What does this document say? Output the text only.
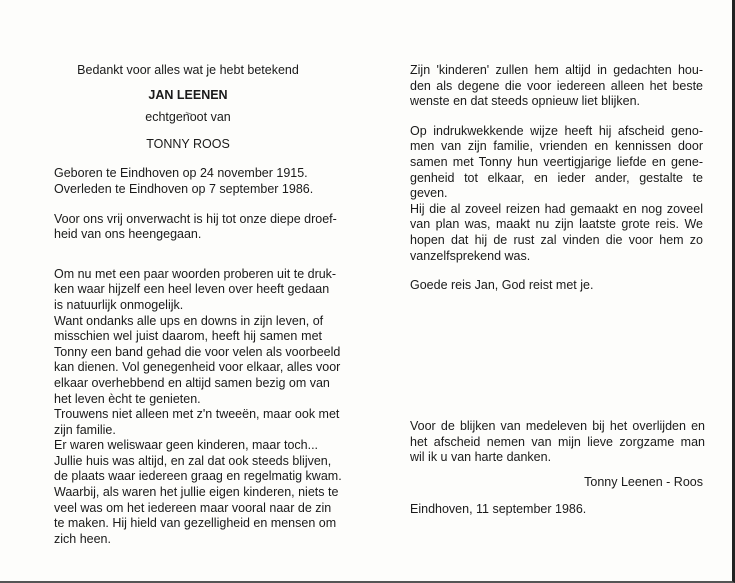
Bedankt voor alles wat je hebt betekend
JAN LEENEN
echtgenoot van
TONNY ROOS
Geboren te Eindhoven op 24 november 1915.
Overleden te Eindhoven op 7 september 1986.
Voor ons vrij onverwacht is hij tot onze diepe droef-
heid van ons heengegaan.
Om nu met een paar woorden proberen uit te druk-
ken waar hijzelf een heel leven over heeft gedaan
is natuurlijk onmogelijk.
Want ondanks alle ups en downs in zijn leven, of
misschien wel juist daarom, heeft hij samen met
Tonny een band gehad die voor velen als voorbeeld
kan dienen. Vol genegenheid voor elkaar, alles voor
elkaar overhebbend en altijd samen bezig om van
het leven ècht te genieten.
Trouwens niet alleen met z'n tweeën, maar ook met
zijn familie.
Er waren weliswaar geen kinderen, maar toch...
Jullie huis was altijd, en zal dat ook steeds blijven,
de plaats waar iedereen graag en regelmatig kwam.
Waarbij, als waren het jullie eigen kinderen, niets te
veel was om het iedereen maar vooral naar de zin
te maken. Hij hield van gezelligheid en mensen om
zich heen.
Zijn 'kinderen' zullen hem altijd in gedachten hou-
den als degene die voor iedereen alleen het beste
wenste en dat steeds opnieuw liet blijken.
Op indrukwekkende wijze heeft hij afscheid geno-
men van zijn familie, vrienden en kennissen door
samen met Tonny hun veertigjarige liefde en gene-
genheid tot elkaar, en ieder ander, gestalte te
geven.
Hij die al zoveel reizen had gemaakt en nog zoveel
van plan was, maakt nu zijn laatste grote reis. We
hopen dat hij de rust zal vinden die voor hem zo
vanzelfsprekend was.
Goede reis Jan, God reist met je.
Voor de blijken van medeleven bij het overlijden en
het afscheid nemen van mijn lieve zorgzame man
wil ik u van harte danken.
Tonny Leenen - Roos
Eindhoven, 11 september 1986.
